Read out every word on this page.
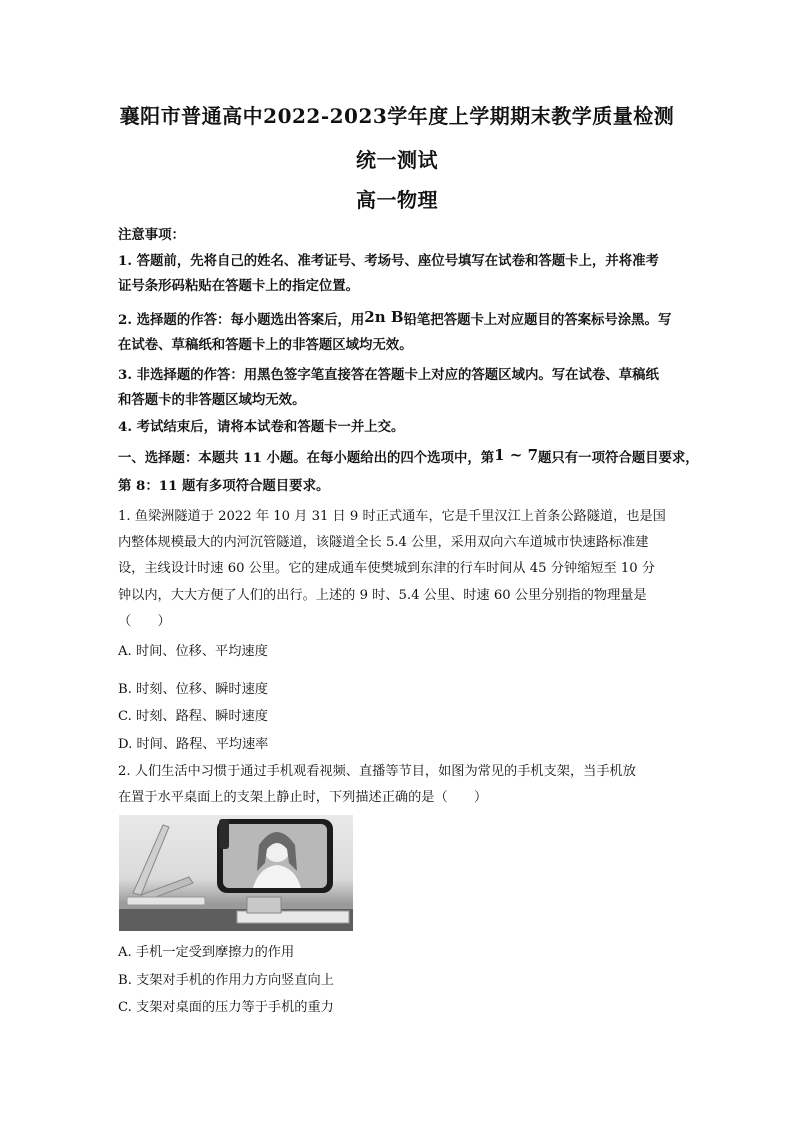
襄阳市普通高中2022-2023学年度上学期期末教学质量检测
统一测试
高一物理
注意事项：
1. 答题前，先将自己的姓名、准考证号、考场号、座位号填写在试卷和答题卡上，并将准考
证号条形码粘贴在答题卡上的指定位置。
2. 选择题的作答：每小题选出答案后，用2n B铅笔把答题卡上对应题目的答案标号涂黑。写
在试卷、草稿纸和答题卡上的非答题区域均无效。
3. 非选择题的作答：用黑色签字笔直接答在答题卡上对应的答题区域内。写在试卷、草稿纸
和答题卡的非答题区域均无效。
4. 考试结束后，请将本试卷和答题卡一并上交。
一、选择题：本题共 11 小题。在每小题给出的四个选项中，第1 ~ 7题只有一项符合题目要求，
第 8：11 题有多项符合题目要求。
1. 鱼梁洲隧道于 2022 年 10 月 31 日 9 时正式通车，它是千里汉江上首条公路隧道，也是国
内整体规模最大的内河沉管隧道，该隧道全长 5.4 公里，采用双向六车道城市快速路标准建
设，主线设计时速 60 公里。它的建成通车使樊城到东津的行车时间从 45 分钟缩短至 10 分
钟以内，大大方便了人们的出行。上述的 9 时、5.4 公里、时速 60 公里分别指的物理量是
（　　）
A. 时间、位移、平均速度
B. 时刻、位移、瞬时速度
C. 时刻、路程、瞬时速度
D. 时间、路程、平均速率
2. 人们生活中习惯于通过手机观看视频、直播等节目，如图为常见的手机支架，当手机放
在置于水平桌面上的支架上静止时，下列描述正确的是（　　）
A. 手机一定受到摩擦力的作用
B. 支架对手机的作用力方向竖直向上
C. 支架对桌面的压力等于手机的重力
